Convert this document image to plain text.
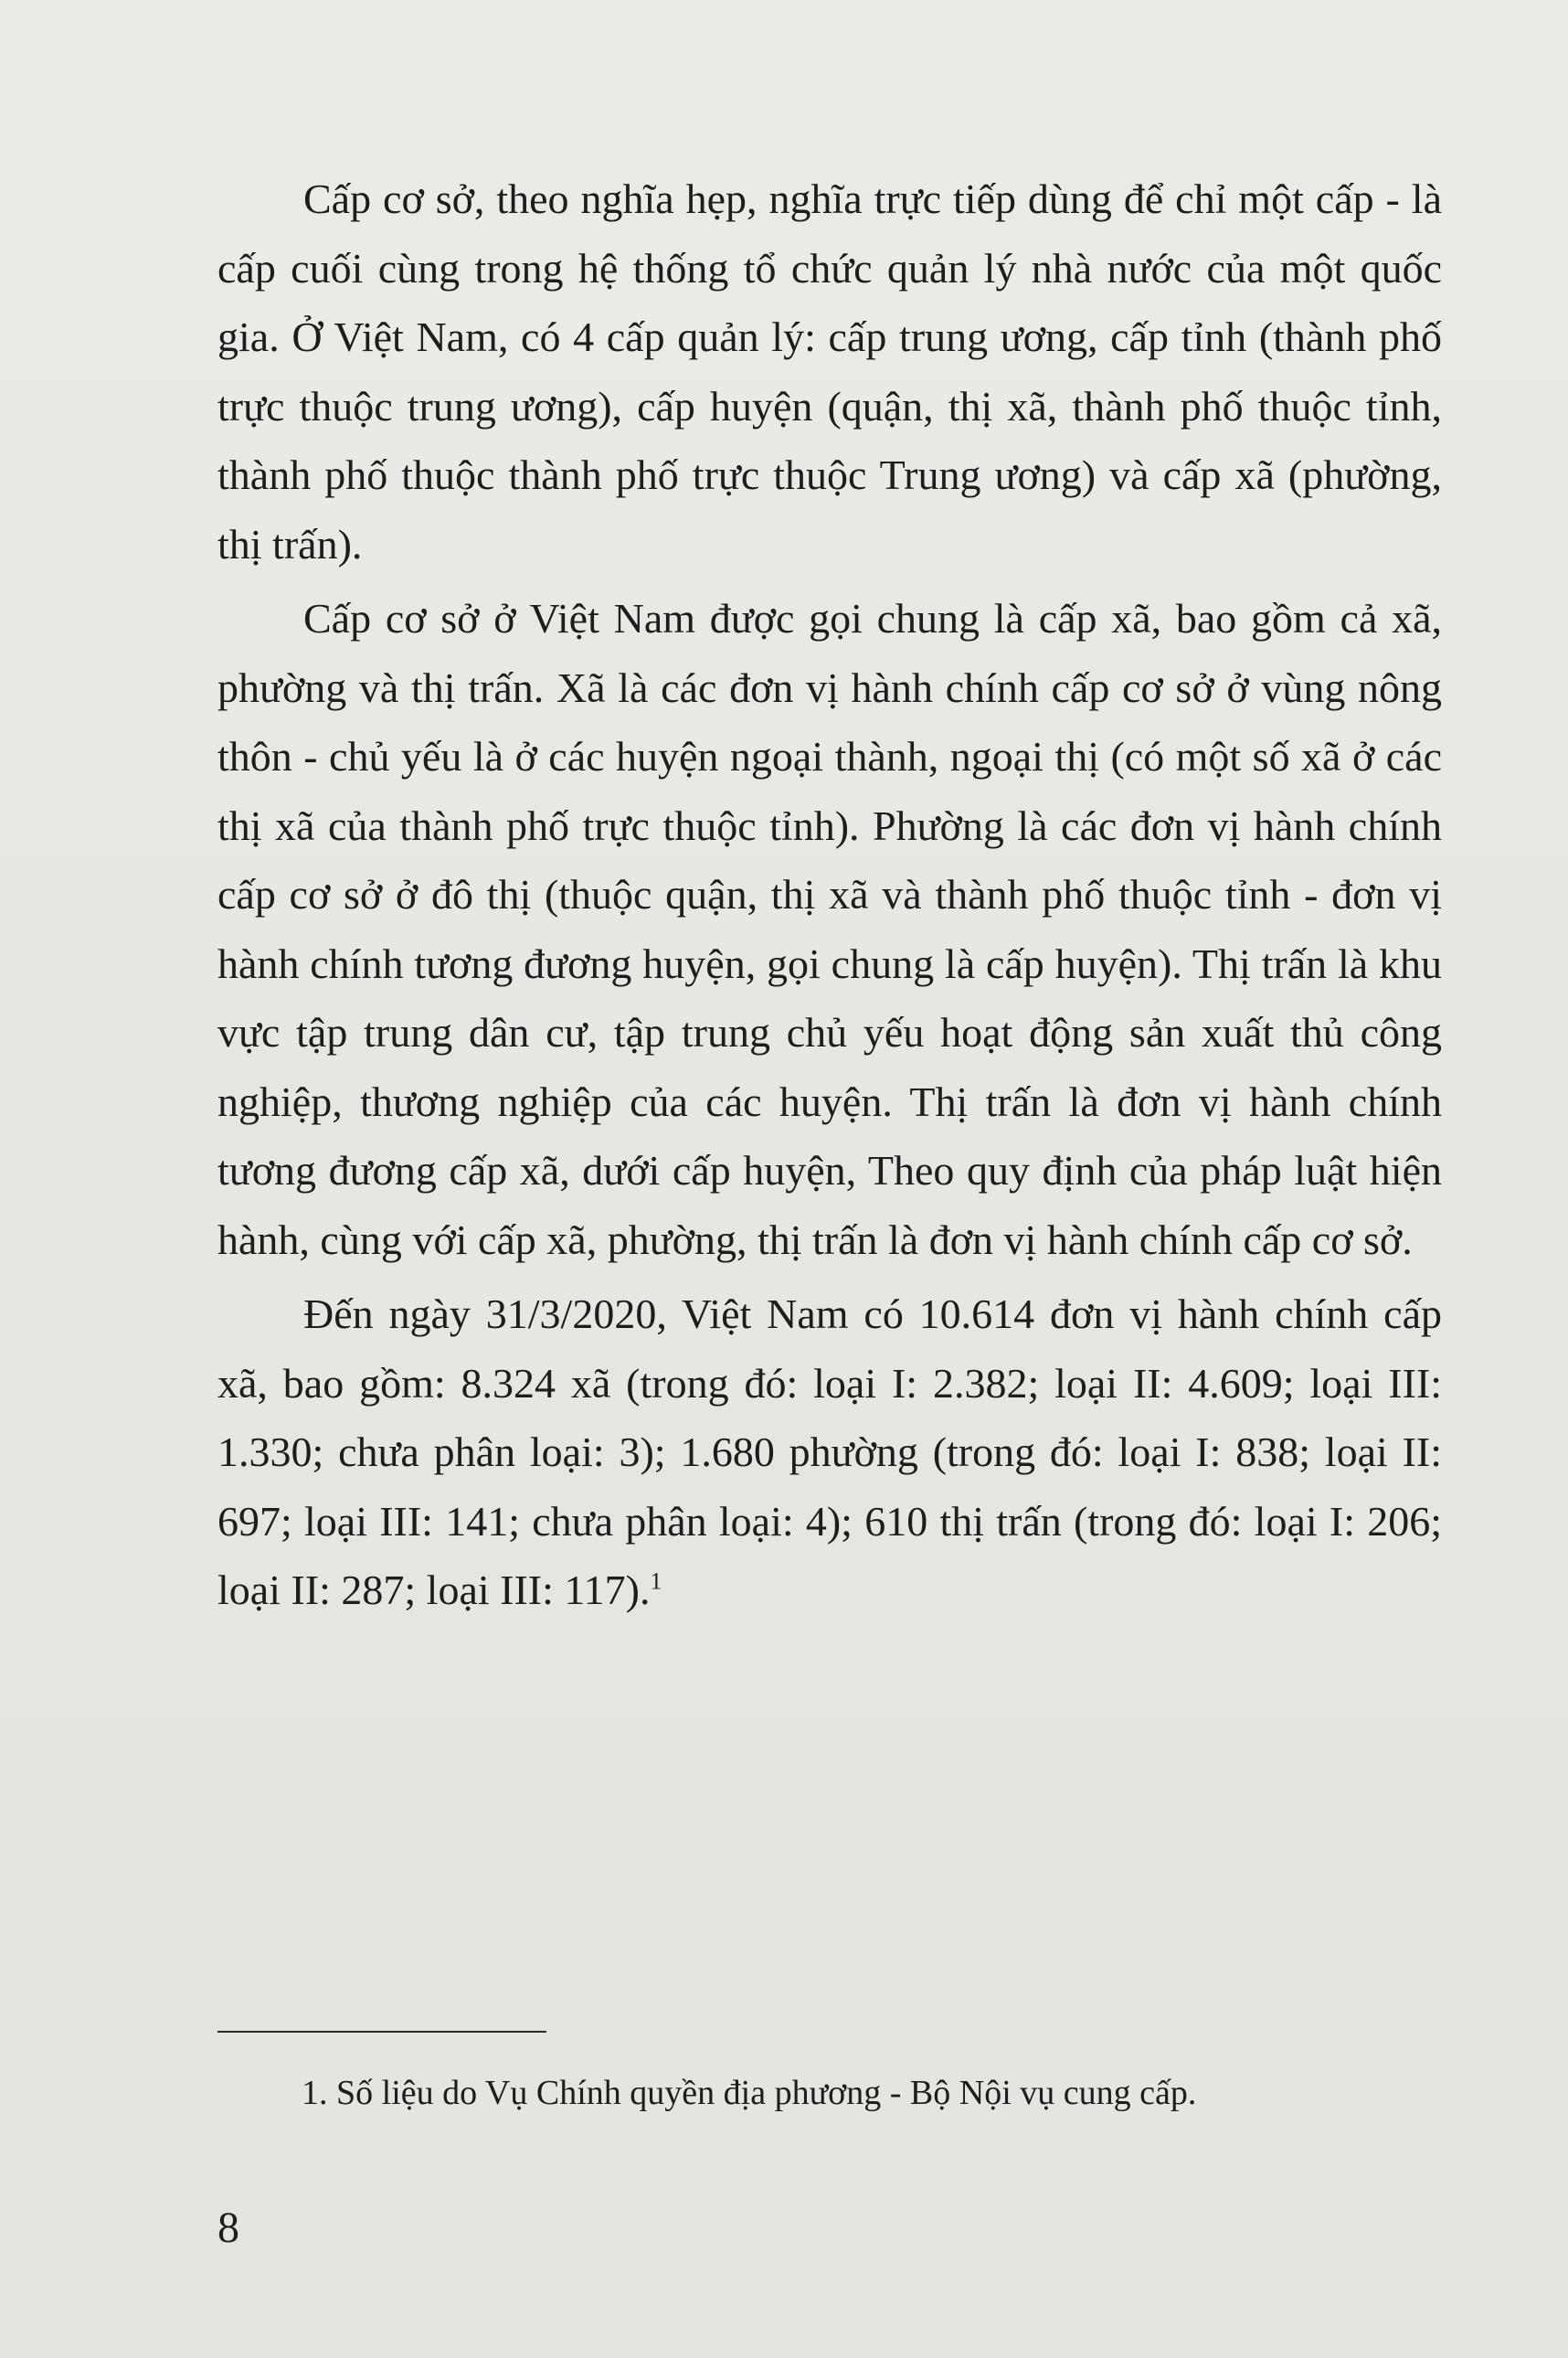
Cấp cơ sở, theo nghĩa hẹp, nghĩa trực tiếp dùng để chỉ một cấp - là cấp cuối cùng trong hệ thống tổ chức quản lý nhà nước của một quốc gia. Ở Việt Nam, có 4 cấp quản lý: cấp trung ương, cấp tỉnh (thành phố trực thuộc trung ương), cấp huyện (quận, thị xã, thành phố thuộc tỉnh, thành phố thuộc thành phố trực thuộc Trung ương) và cấp xã (phường, thị trấn).

Cấp cơ sở ở Việt Nam được gọi chung là cấp xã, bao gồm cả xã, phường và thị trấn. Xã là các đơn vị hành chính cấp cơ sở ở vùng nông thôn - chủ yếu là ở các huyện ngoại thành, ngoại thị (có một số xã ở các thị xã của thành phố trực thuộc tỉnh). Phường là các đơn vị hành chính cấp cơ sở ở đô thị (thuộc quận, thị xã và thành phố thuộc tỉnh - đơn vị hành chính tương đương huyện, gọi chung là cấp huyện). Thị trấn là khu vực tập trung dân cư, tập trung chủ yếu hoạt động sản xuất thủ công nghiệp, thương nghiệp của các huyện. Thị trấn là đơn vị hành chính tương đương cấp xã, dưới cấp huyện, Theo quy định của pháp luật hiện hành, cùng với cấp xã, phường, thị trấn là đơn vị hành chính cấp cơ sở.

Đến ngày 31/3/2020, Việt Nam có 10.614 đơn vị hành chính cấp xã, bao gồm: 8.324 xã (trong đó: loại I: 2.382; loại II: 4.609; loại III: 1.330; chưa phân loại: 3); 1.680 phường (trong đó: loại I: 838; loại II: 697; loại III: 141; chưa phân loại: 4); 610 thị trấn (trong đó: loại I: 206; loại II: 287; loại III: 117).$^1$

1. Số liệu do Vụ Chính quyền địa phương - Bộ Nội vụ cung cấp.

8
